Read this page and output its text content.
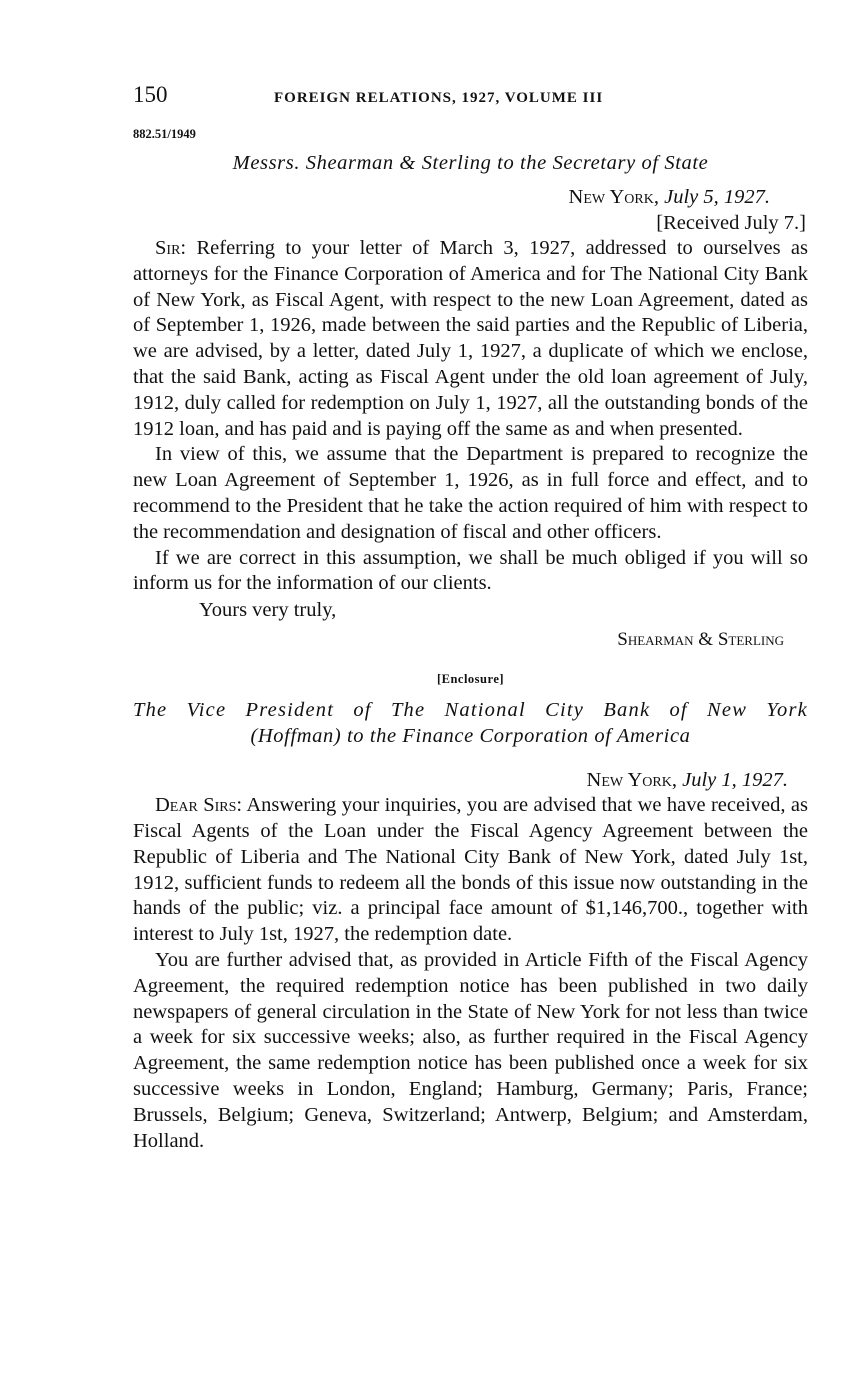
150	FOREIGN RELATIONS, 1927, VOLUME III
882.51/1949
Messrs. Shearman & Sterling to the Secretary of State
New York, July 5, 1927.
[Received July 7.]

Sir: Referring to your letter of March 3, 1927, addressed to ourselves as attorneys for the Finance Corporation of America and for The National City Bank of New York, as Fiscal Agent, with respect to the new Loan Agreement, dated as of September 1, 1926, made between the said parties and the Republic of Liberia, we are advised, by a letter, dated July 1, 1927, a duplicate of which we enclose, that the said Bank, acting as Fiscal Agent under the old loan agreement of July, 1912, duly called for redemption on July 1, 1927, all the outstanding bonds of the 1912 loan, and has paid and is paying off the same as and when presented.

In view of this, we assume that the Department is prepared to recognize the new Loan Agreement of September 1, 1926, as in full force and effect, and to recommend to the President that he take the action required of him with respect to the recommendation and designation of fiscal and other officers.

If we are correct in this assumption, we shall be much obliged if you will so inform us for the information of our clients.

Yours very truly,
Shearman & Sterling
[Enclosure]
The Vice President of The National City Bank of New York
(Hoffman) to the Finance Corporation of America
New York, July 1, 1927.

Dear Sirs: Answering your inquiries, you are advised that we have received, as Fiscal Agents of the Loan under the Fiscal Agency Agreement between the Republic of Liberia and The National City Bank of New York, dated July 1st, 1912, sufficient funds to redeem all the bonds of this issue now outstanding in the hands of the public; viz. a principal face amount of $1,146,700., together with interest to July 1st, 1927, the redemption date.

You are further advised that, as provided in Article Fifth of the Fiscal Agency Agreement, the required redemption notice has been published in two daily newspapers of general circulation in the State of New York for not less than twice a week for six successive weeks; also, as further required in the Fiscal Agency Agreement, the same redemption notice has been published once a week for six successive weeks in London, England; Hamburg, Germany; Paris, France; Brussels, Belgium; Geneva, Switzerland; Antwerp, Belgium; and Amsterdam, Holland.
